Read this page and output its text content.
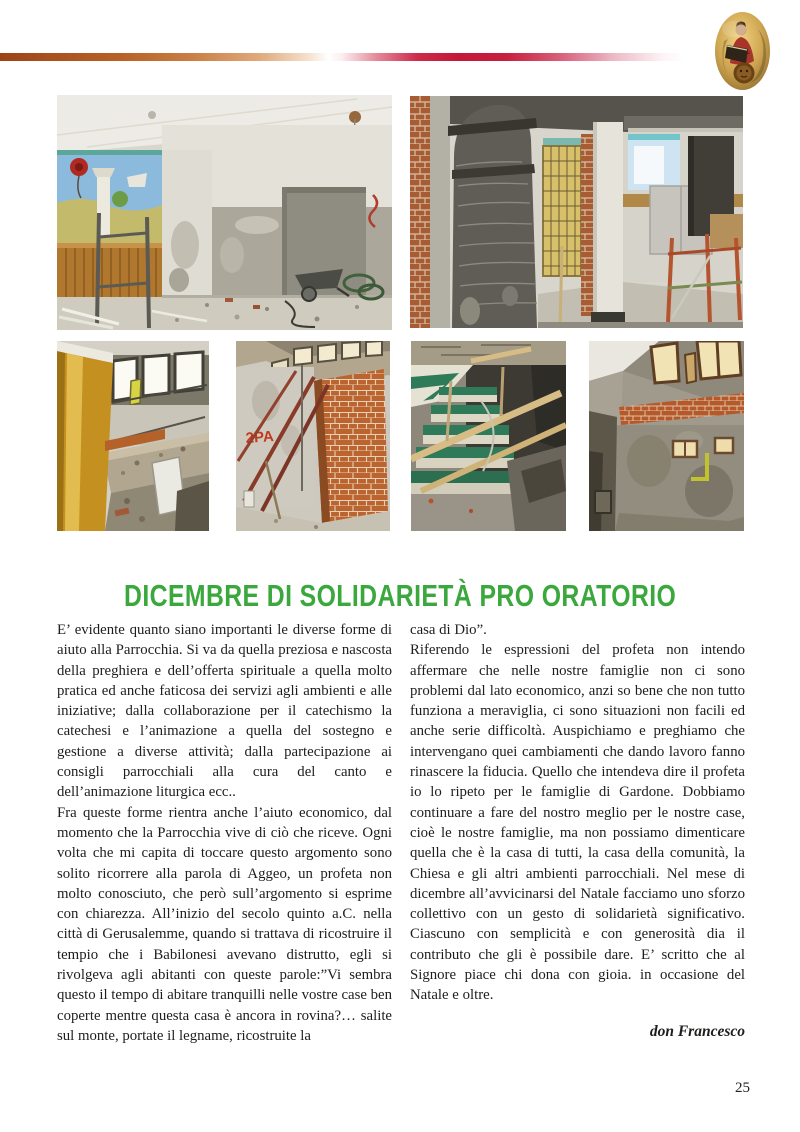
2PA
DICEMBRE DI SOLIDARIETÀ PRO ORATORIO

E’ evidente quanto siano importanti le diverse forme di aiuto alla Parrocchia. Si va da quella preziosa e nascosta della preghiera e dell’offerta spirituale a quella molto pratica ed anche faticosa dei servizi agli ambienti e alle iniziative; dalla collaborazione per il catechismo la catechesi e l’animazione a quella del sostegno e gestione a diverse attività; dalla partecipazione ai consigli parrocchiali alla cura del canto e dell’animazione liturgica ecc..

Fra queste forme rientra anche l’aiuto economico, dal momento che la Parrocchia vive di ciò che riceve. Ogni volta che mi capita di toccare questo argomento sono solito ricorrere alla parola di Aggeo, un profeta non molto conosciuto, che però sull’argomento si esprime con chiarezza. All’inizio del secolo quinto a.C. nella città di Gerusalemme, quando si trattava di ricostruire il tempio che i Babilonesi avevano distrutto, egli si rivolgeva agli abitanti con queste parole:”Vi sembra questo il tempo di abitare tranquilli nelle vostre case ben coperte mentre questa casa è ancora in rovina?… salite sul monte, portate il legname, ricostruite la

casa di Dio”.

Riferendo le espressioni del profeta non intendo affermare che nelle nostre famiglie non ci sono problemi dal lato economico, anzi so bene che non tutto funziona a meraviglia, ci sono situazioni non facili ed anche serie difficoltà. Auspichiamo e preghiamo che intervengano quei cambiamenti che dando lavoro fanno rinascere la fiducia. Quello che intendeva dire il profeta io lo ripeto per le famiglie di Gardone. Dobbiamo continuare a fare del nostro meglio per le nostre case, cioè le nostre famiglie, ma non possiamo dimenticare quella che è la casa di tutti, la casa della comunità, la Chiesa e gli altri ambienti parrocchiali. Nel mese di dicembre all’avvicinarsi del Natale facciamo uno sforzo collettivo con un gesto di solidarietà significativo. Ciascuno con semplicità e con generosità dia il contributo che gli è possibile dare. E’ scritto che al Signore piace chi dona con gioia. in occasione del Natale e oltre.

don Francesco

25
